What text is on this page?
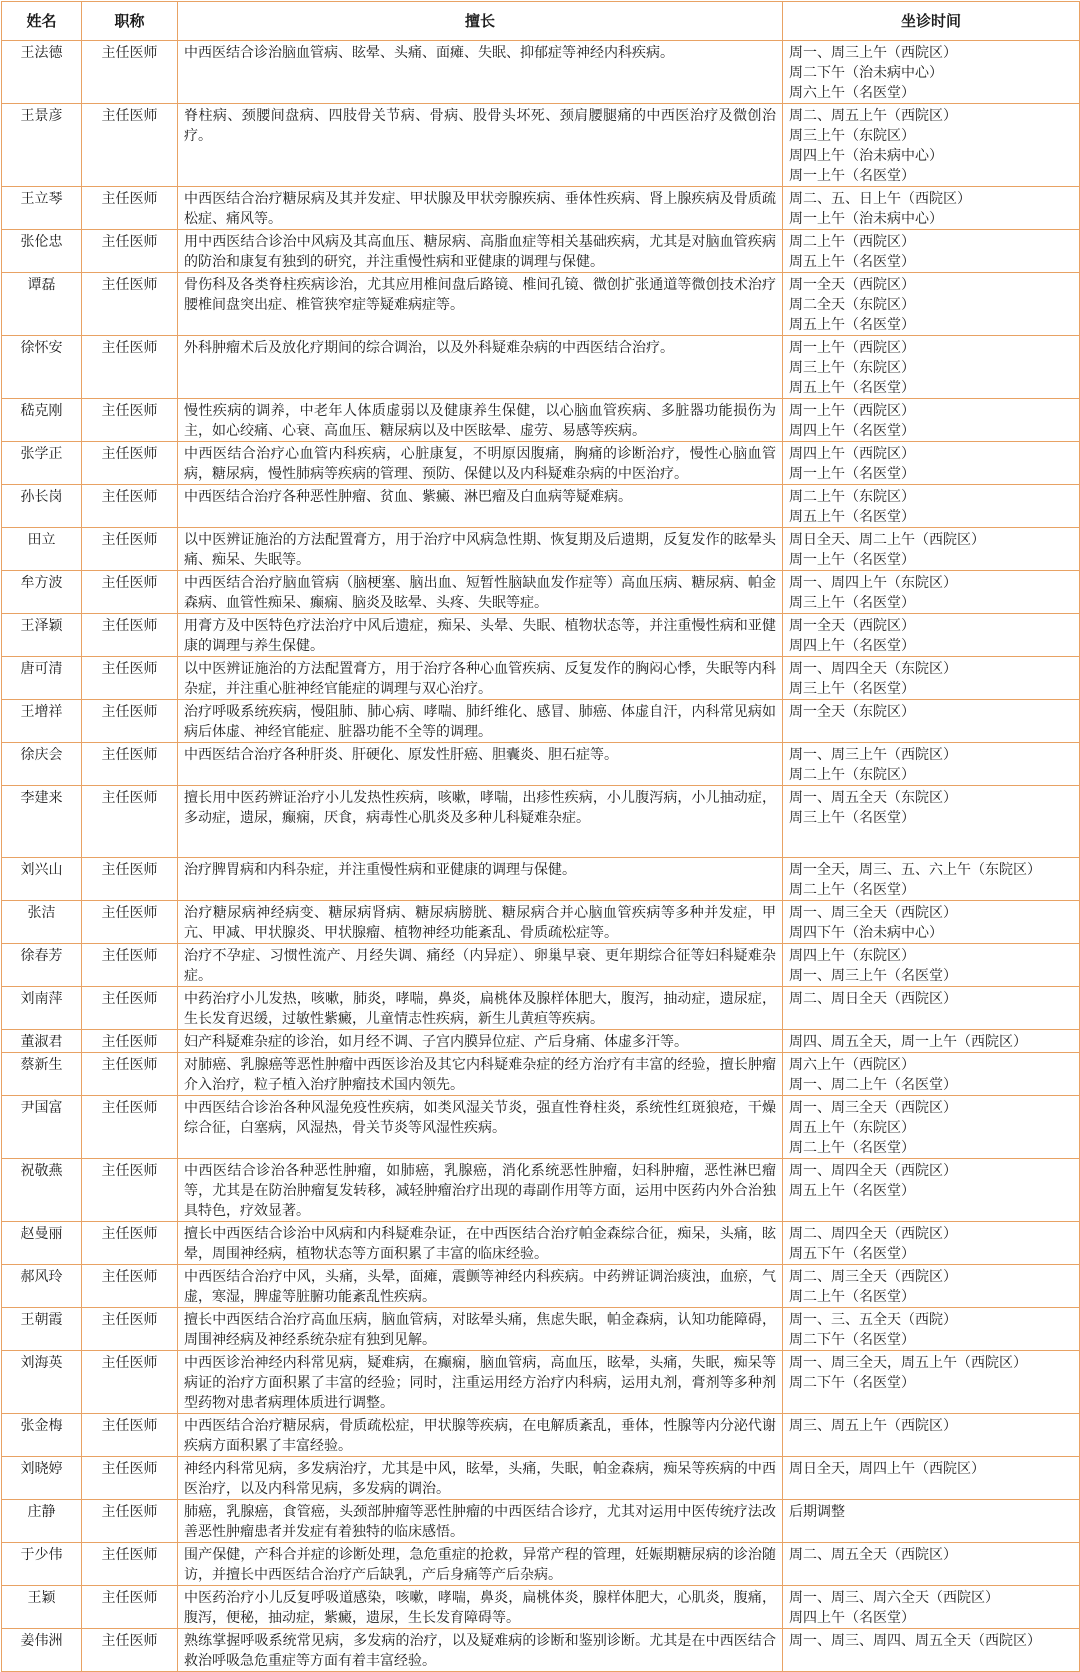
姓名	职称	擅长	坐诊时间
王法德	主任医师	中西医结合诊治脑血管病、眩晕、头痛、面瘫、失眠、抑郁症等神经内科疾病。	周一、周三上午（西院区）
周二下午（治未病中心）
周六上午（名医堂）

王景彦	主任医师	脊柱病、颈腰间盘病、四肢骨关节病、骨病、股骨头坏死、颈肩腰腿痛的中西医治疗及微创治疗。	周二、周五上午（西院区）
周三上午（东院区）
周四上午（治未病中心）
周一上午（名医堂）

王立琴	主任医师	中西医结合治疗糖尿病及其并发症、甲状腺及甲状旁腺疾病、垂体性疾病、肾上腺疾病及骨质疏松症、痛风等。	周二、五、日上午（西院区）
周一上午（治未病中心）

张伦忠	主任医师	用中西医结合诊治中风病及其高血压、糖尿病、高脂血症等相关基础疾病，尤其是对脑血管疾病的防治和康复有独到的研究，并注重慢性病和亚健康的调理与保健。	周二上午（西院区）
周五上午（名医堂）

谭磊	主任医师	骨伤科及各类脊柱疾病诊治，尤其应用椎间盘后路镜、椎间孔镜、微创扩张通道等微创技术治疗腰椎间盘突出症、椎管狭窄症等疑难病症等。	周一全天（西院区）
周二全天（东院区）
周五上午（名医堂）

徐怀安	主任医师	外科肿瘤术后及放化疗期间的综合调治，以及外科疑难杂病的中西医结合治疗。	周一上午（西院区）
周三上午（东院区）
周五上午（名医堂）

嵇克刚	主任医师	慢性疾病的调养，中老年人体质虚弱以及健康养生保健，以心脑血管疾病、多脏器功能损伤为主，如心绞痛、心衰、高血压、糖尿病以及中医眩晕、虚劳、易感等疾病。	周一上午（西院区）
周四上午（名医堂）

张学正	主任医师	中西医结合治疗心血管内科疾病，心脏康复，不明原因腹痛，胸痛的诊断治疗，慢性心脑血管病，糖尿病，慢性肺病等疾病的管理、预防、保健以及内科疑难杂病的中医治疗。	周四上午（西院区）
周一上午（名医堂）

孙长岗	主任医师	中西医结合治疗各种恶性肿瘤、贫血、紫癜、淋巴瘤及白血病等疑难病。	周二上午（东院区）
周五上午（名医堂）

田立	主任医师	以中医辨证施治的方法配置膏方，用于治疗中风病急性期、恢复期及后遗期，反复发作的眩晕头痛、痴呆、失眠等。	周日全天、周二上午（西院区）
周一上午（名医堂）

牟方波	主任医师	中西医结合治疗脑血管病（脑梗塞、脑出血、短暂性脑缺血发作症等）高血压病、糖尿病、帕金森病、血管性痴呆、癫痫、脑炎及眩晕、头疼、失眠等症。	周一、周四上午（东院区）
周三上午（名医堂）

王泽颖	主任医师	用膏方及中医特色疗法治疗中风后遗症，痴呆、头晕、失眠、植物状态等，并注重慢性病和亚健康的调理与养生保健。	周一全天（西院区）
周四上午（名医堂）

唐可清	主任医师	以中医辨证施治的方法配置膏方，用于治疗各种心血管疾病、反复发作的胸闷心悸，失眠等内科杂症，并注重心脏神经官能症的调理与双心治疗。	周一、周四全天（东院区）
周三上午（名医堂）

王增祥	主任医师	治疗呼吸系统疾病，慢阻肺、肺心病、哮喘、肺纤维化、感冒、肺癌、体虚自汗，内科常见病如病后体虚、神经官能症、脏器功能不全等的调理。	周一全天（东院区）

徐庆会	主任医师	中西医结合治疗各种肝炎、肝硬化、原发性肝癌、胆囊炎、胆石症等。	周一、周三上午（西院区）
周二上午（东院区）

李建来	主任医师	擅长用中医药辨证治疗小儿发热性疾病，咳嗽，哮喘，出疹性疾病，小儿腹泻病，小儿抽动症，多动症，遗尿，癫痫，厌食，病毒性心肌炎及多种儿科疑难杂症。	周一、周五全天（东院区）
周三上午（名医堂）

刘兴山	主任医师	治疗脾胃病和内科杂症，并注重慢性病和亚健康的调理与保健。	周一全天，周三、五、六上午（东院区）
周二上午（名医堂）

张洁	主任医师	治疗糖尿病神经病变、糖尿病肾病、糖尿病膀胱、糖尿病合并心脑血管疾病等多种并发症，甲亢、甲减、甲状腺炎、甲状腺瘤、植物神经功能紊乱、骨质疏松症等。	周一、周三全天（西院区）
周四下午（治未病中心）

徐春芳	主任医师	治疗不孕症、习惯性流产、月经失调、痛经（内异症）、卵巢早衰、更年期综合征等妇科疑难杂症。	周四上午（东院区）
周一、周三上午（名医堂）

刘南萍	主任医师	中药治疗小儿发热，咳嗽，肺炎，哮喘，鼻炎，扁桃体及腺样体肥大，腹泻，抽动症，遗尿症，生长发育迟缓，过敏性紫癜，儿童情志性疾病，新生儿黄疸等疾病。	周二、周日全天（西院区）

董淑君	主任医师	妇产科疑难杂症的诊治，如月经不调、子宫内膜异位症、产后身痛、体虚多汗等。	周四、周五全天，周一上午（西院区）

蔡新生	主任医师	对肺癌、乳腺癌等恶性肿瘤中西医诊治及其它内科疑难杂症的经方治疗有丰富的经验，擅长肿瘤介入治疗，粒子植入治疗肿瘤技术国内领先。	周六上午（西院区）
周一、周二上午（名医堂）

尹国富	主任医师	中西医结合诊治各种风湿免疫性疾病，如类风湿关节炎，强直性脊柱炎，系统性红斑狼疮，干燥综合征，白塞病，风湿热，骨关节炎等风湿性疾病。	周一、周三全天（西院区）
周五上午（东院区）
周二上午（名医堂）

祝敬燕	主任医师	中西医结合诊治各种恶性肿瘤，如肺癌，乳腺癌，消化系统恶性肿瘤，妇科肿瘤，恶性淋巴瘤等，尤其是在防治肿瘤复发转移，减轻肿瘤治疗出现的毒副作用等方面，运用中医药内外合治独具特色，疗效显著。	周一、周四全天（西院区）
周五上午（名医堂）

赵曼丽	主任医师	擅长中西医结合诊治中风病和内科疑难杂证，在中西医结合治疗帕金森综合征，痴呆，头痛，眩晕，周围神经病，植物状态等方面积累了丰富的临床经验。	周二、周四全天（西院区）
周五下午（名医堂）

郝风玲	主任医师	中西医结合治疗中风，头痛，头晕，面瘫，震颤等神经内科疾病。中药辨证调治痰浊，血瘀，气虚，寒湿，脾虚等脏腑功能紊乱性疾病。	周二、周三全天（西院区）
周二上午（名医堂）

王朝霞	主任医师	擅长中西医结合治疗高血压病，脑血管病，对眩晕头痛，焦虑失眠，帕金森病，认知功能障碍，周围神经病及神经系统杂症有独到见解。	周一、三、五全天（西院）
周二下午（名医堂）

刘海英	主任医师	中西医诊治神经内科常见病，疑难病，在癫痫，脑血管病，高血压，眩晕，头痛，失眠，痴呆等病证的治疗方面积累了丰富的经验；同时，注重运用经方治疗内科病，运用丸剂，膏剂等多种剂型药物对患者病理体质进行调整。	周一、周三全天，周五上午（西院区）
周二下午（名医堂）

张金梅	主任医师	中西医结合治疗糖尿病，骨质疏松症，甲状腺等疾病，在电解质紊乱，垂体，性腺等内分泌代谢疾病方面积累了丰富经验。	周三、周五上午（西院区）

刘晓婷	主任医师	神经内科常见病，多发病治疗，尤其是中风，眩晕，头痛，失眠，帕金森病，痴呆等疾病的中西医治疗，以及内科常见病，多发病的调治。	周日全天，周四上午（西院区）

庄静	主任医师	肺癌，乳腺癌，食管癌，头颈部肿瘤等恶性肿瘤的中西医结合诊疗，尤其对运用中医传统疗法改善恶性肿瘤患者并发症有着独特的临床感悟。	后期调整

于少伟	主任医师	围产保健，产科合并症的诊断处理，急危重症的抢救，异常产程的管理，妊娠期糖尿病的诊治随访，并擅长中西医结合治疗产后缺乳，产后身痛等产后杂病。	周二、周五全天（西院区）

王颖	主任医师	中医药治疗小儿反复呼吸道感染，咳嗽，哮喘，鼻炎，扁桃体炎，腺样体肥大，心肌炎，腹痛，腹泻，便秘，抽动症，紫癜，遗尿，生长发育障碍等。	周一、周三、周六全天（西院区）
周四上午（名医堂）

姜伟洲	主任医师	熟练掌握呼吸系统常见病，多发病的治疗，以及疑难病的诊断和鉴别诊断。尤其是在中西医结合救治呼吸急危重症等方面有着丰富经验。	周一、周三、周四、周五全天（西院区）
